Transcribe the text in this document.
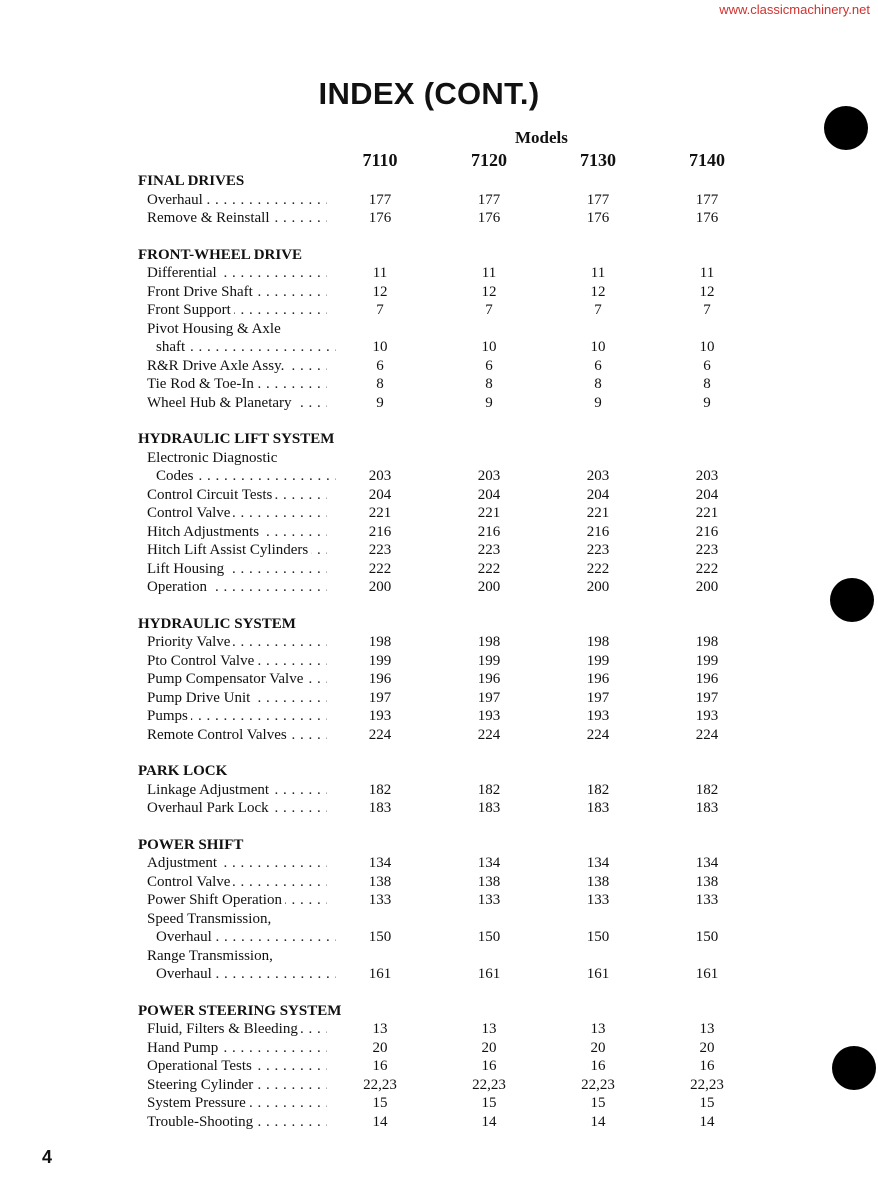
www.classicmachinery.net
INDEX (CONT.)
Models
7110	7120	7130	7140
FINAL DRIVES
Overhaul . . .	177	177	177	177
Remove & Reinstall . . .	176	176	176	176
FRONT-WHEEL DRIVE
Differential . . .	11	11	11	11
Front Drive Shaft . . .	12	12	12	12
Front Support . . .	7	7	7	7
Pivot Housing & Axle
shaft . . .	10	10	10	10
R&R Drive Axle Assy. . . .	6	6	6	6
Tie Rod & Toe-In . . .	8	8	8	8
Wheel Hub & Planetary . . .	9	9	9	9
HYDRAULIC LIFT SYSTEM
Electronic Diagnostic
Codes . . .	203	203	203	203
Control Circuit Tests . . .	204	204	204	204
Control Valve . . .	221	221	221	221
Hitch Adjustments . . .	216	216	216	216
Hitch Lift Assist Cylinders . . .	223	223	223	223
Lift Housing . . .	222	222	222	222
Operation . . .	200	200	200	200
HYDRAULIC SYSTEM
Priority Valve . . .	198	198	198	198
Pto Control Valve . . .	199	199	199	199
Pump Compensator Valve . . .	196	196	196	196
Pump Drive Unit . . .	197	197	197	197
Pumps . . .	193	193	193	193
Remote Control Valves . . .	224	224	224	224
PARK LOCK
Linkage Adjustment . . .	182	182	182	182
Overhaul Park Lock . . .	183	183	183	183
POWER SHIFT
Adjustment . . .	134	134	134	134
Control Valve . . .	138	138	138	138
Power Shift Operation . . .	133	133	133	133
Speed Transmission,
Overhaul . . .	150	150	150	150
Range Transmission,
Overhaul . . .	161	161	161	161
POWER STEERING SYSTEM
Fluid, Filters & Bleeding . . .	13	13	13	13
Hand Pump . . .	20	20	20	20
Operational Tests . . .	16	16	16	16
Steering Cylinder . . .	22,23	22,23	22,23	22,23
System Pressure . . .	15	15	15	15
Trouble-Shooting . . .	14	14	14	14
4
